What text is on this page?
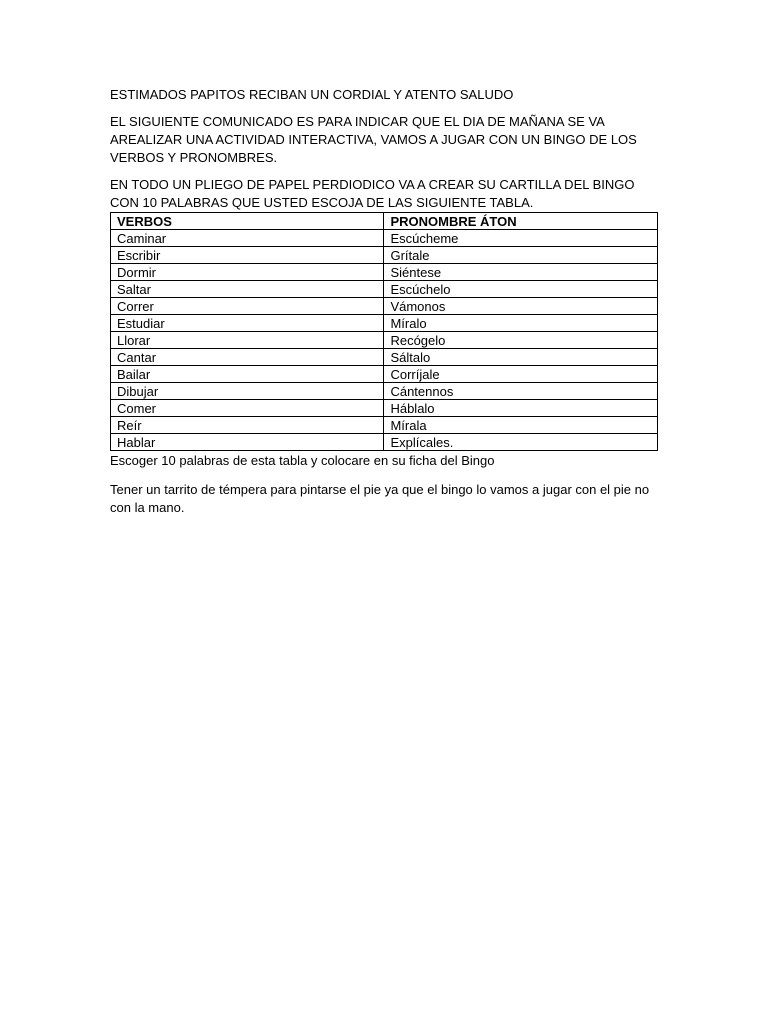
ESTIMADOS PAPITOS RECIBAN UN CORDIAL Y ATENTO SALUDO

EL SIGUIENTE COMUNICADO ES PARA INDICAR QUE EL DIA DE MAÑANA SE VA AREALIZAR UNA ACTIVIDAD INTERACTIVA, VAMOS A JUGAR CON UN BINGO DE LOS VERBOS Y PRONOMBRES.

EN TODO UN PLIEGO DE PAPEL PERDIODICO VA A CREAR SU CARTILLA DEL BINGO CON 10 PALABRAS QUE USTED ESCOJA DE LAS SIGUIENTE TABLA.

VERBOS	PRONOMBRE ÁTON
Caminar	Escúcheme
Escribir	Grítale
Dormir	Siéntese
Saltar	Escúchelo
Correr	Vámonos
Estudiar	Míralo
Llorar	Recógelo
Cantar	Sáltalo
Bailar	Corríjale
Dibujar	Cántennos
Comer	Háblalo
Reír	Mírala
Hablar	Explícales.

Escoger 10 palabras de esta tabla y colocare en su ficha del Bingo

Tener un tarrito de témpera para pintarse el pie ya que el bingo lo vamos a jugar con el pie no con la mano.
